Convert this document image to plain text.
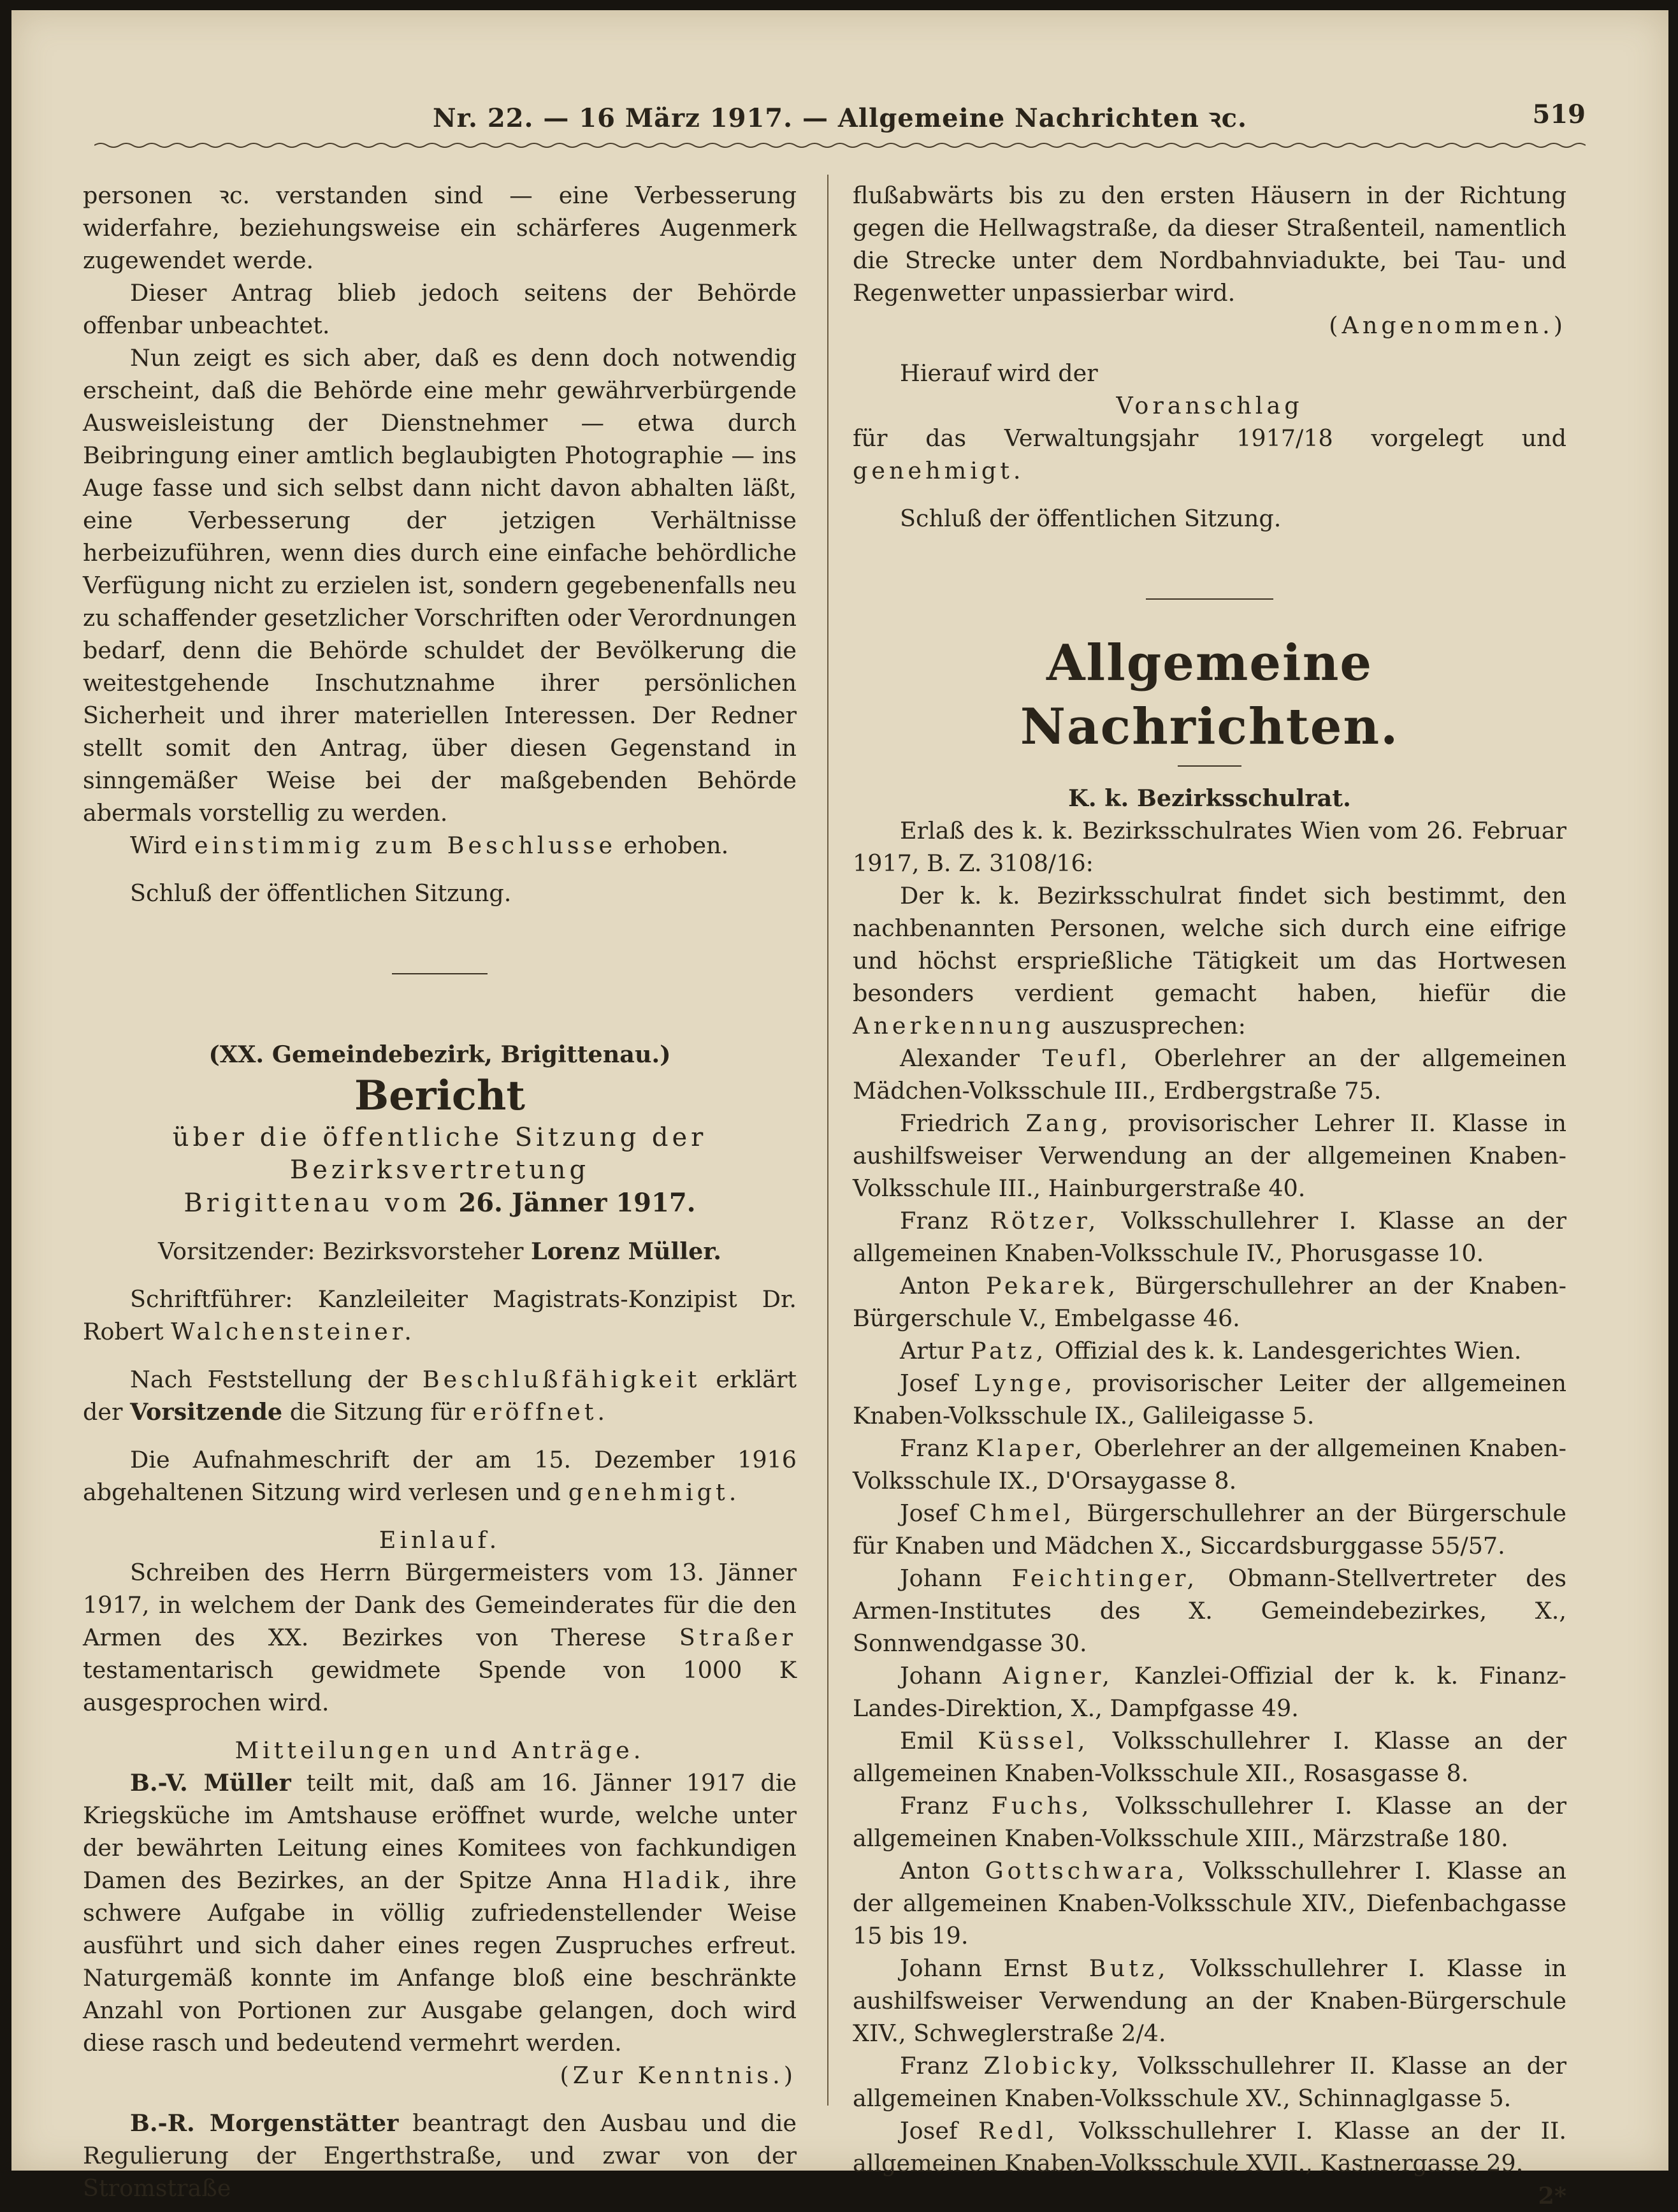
Nr. 22. — 16 März 1917. — Allgemeine Nachrichten ꝛc.	519

personen ꝛc. verstanden sind — eine Verbesserung widerfahre, beziehungsweise ein schärferes Augenmerk zugewendet werde.

Dieser Antrag blieb jedoch seitens der Behörde offenbar unbeachtet.

Nun zeigt es sich aber, daß es denn doch notwendig erscheint, daß die Behörde eine mehr gewährverbürgende Ausweisleistung der Dienstnehmer — etwa durch Beibringung einer amtlich beglaubigten Photographie — ins Auge fasse und sich selbst dann nicht davon abhalten läßt, eine Verbesserung der jetzigen Verhältnisse herbeizuführen, wenn dies durch eine einfache behördliche Verfügung nicht zu erzielen ist, sondern gegebenenfalls neu zu schaffender gesetzlicher Vorschriften oder Verordnungen bedarf, denn die Behörde schuldet der Bevölkerung die weitestgehende Inschutznahme ihrer persönlichen Sicherheit und ihrer materiellen Interessen. Der Redner stellt somit den Antrag, über diesen Gegenstand in sinngemäßer Weise bei der maßgebenden Behörde abermals vorstellig zu werden.

Wird einstimmig zum Beschlusse erhoben.

Schluß der öffentlichen Sitzung.

(XX. Gemeindebezirk, Brigittenau.)

Bericht

über die öffentliche Sitzung der Bezirksvertretung

Brigittenau vom 26. Jänner 1917.

Vorsitzender: Bezirksvorsteher Lorenz Müller.

Schriftführer: Kanzleileiter Magistrats-Konzipist Dr. Robert Walchensteiner.

Nach Feststellung der Beschlußfähigkeit erklärt der Vorsitzende die Sitzung für eröffnet.

Die Aufnahmeschrift der am 15. Dezember 1916 abgehaltenen Sitzung wird verlesen und genehmigt.

Einlauf.

Schreiben des Herrn Bürgermeisters vom 13. Jänner 1917, in welchem der Dank des Gemeinderates für die den Armen des XX. Bezirkes von Therese Straßer testamentarisch gewidmete Spende von 1000 K ausgesprochen wird.

Mitteilungen und Anträge.

B.-V. Müller teilt mit, daß am 16. Jänner 1917 die Kriegsküche im Amtshause eröffnet wurde, welche unter der bewährten Leitung eines Komitees von fachkundigen Damen des Bezirkes, an der Spitze Anna Hladik, ihre schwere Aufgabe in völlig zufriedenstellender Weise ausführt und sich daher eines regen Zuspruches erfreut. Naturgemäß konnte im Anfange bloß eine beschränkte Anzahl von Portionen zur Ausgabe gelangen, doch wird diese rasch und bedeutend vermehrt werden.

(Zur Kenntnis.)

B.-R. Morgenstätter beantragt den Ausbau und die Regulierung der Engerthstraße, und zwar von der Stromstraße

flußabwärts bis zu den ersten Häusern in der Richtung gegen die Hellwagstraße, da dieser Straßenteil, namentlich die Strecke unter dem Nordbahnviadukte, bei Tau- und Regenwetter unpassierbar wird.

(Angenommen.)

Hierauf wird der

Voranschlag

für das Verwaltungsjahr 1917/18 vorgelegt und genehmigt.

Schluß der öffentlichen Sitzung.

Allgemeine Nachrichten.

K. k. Bezirksschulrat.

Erlaß des k. k. Bezirksschulrates Wien vom 26. Februar 1917, B. Z. 3108/16:

Der k. k. Bezirksschulrat findet sich bestimmt, den nachbenannten Personen, welche sich durch eine eifrige und höchst ersprießliche Tätigkeit um das Hortwesen besonders verdient gemacht haben, hiefür die Anerkennung auszusprechen:

Alexander Teufl, Oberlehrer an der allgemeinen Mädchen-Volksschule III., Erdbergstraße 75.

Friedrich Zang, provisorischer Lehrer II. Klasse in aushilfsweiser Verwendung an der allgemeinen Knaben-Volksschule III., Hainburgerstraße 40.

Franz Rötzer, Volksschullehrer I. Klasse an der allgemeinen Knaben-Volksschule IV., Phorusgasse 10.

Anton Pekarek, Bürgerschullehrer an der Knaben-Bürgerschule V., Embelgasse 46.

Artur Patz, Offizial des k. k. Landesgerichtes Wien.

Josef Lynge, provisorischer Leiter der allgemeinen Knaben-Volksschule IX., Galileigasse 5.

Franz Klaper, Oberlehrer an der allgemeinen Knaben-Volksschule IX., D'Orsaygasse 8.

Josef Chmel, Bürgerschullehrer an der Bürgerschule für Knaben und Mädchen X., Siccardsburggasse 55/57.

Johann Feichtinger, Obmann-Stellvertreter des Armen-Institutes des X. Gemeindebezirkes, X., Sonnwendgasse 30.

Johann Aigner, Kanzlei-Offizial der k. k. Finanz-Landes-Direktion, X., Dampfgasse 49.

Emil Küssel, Volksschullehrer I. Klasse an der allgemeinen Knaben-Volksschule XII., Rosasgasse 8.

Franz Fuchs, Volksschullehrer I. Klasse an der allgemeinen Knaben-Volksschule XIII., Märzstraße 180.

Anton Gottschwara, Volksschullehrer I. Klasse an der allgemeinen Knaben-Volksschule XIV., Diefenbachgasse 15 bis 19.

Johann Ernst Butz, Volksschullehrer I. Klasse in aushilfsweiser Verwendung an der Knaben-Bürgerschule XIV., Schweglerstraße 2/4.

Franz Zlobicky, Volksschullehrer II. Klasse an der allgemeinen Knaben-Volksschule XV., Schinnaglgasse 5.

Josef Redl, Volksschullehrer I. Klasse an der II. allgemeinen Knaben-Volksschule XVII., Kastnergasse 29.

2*
